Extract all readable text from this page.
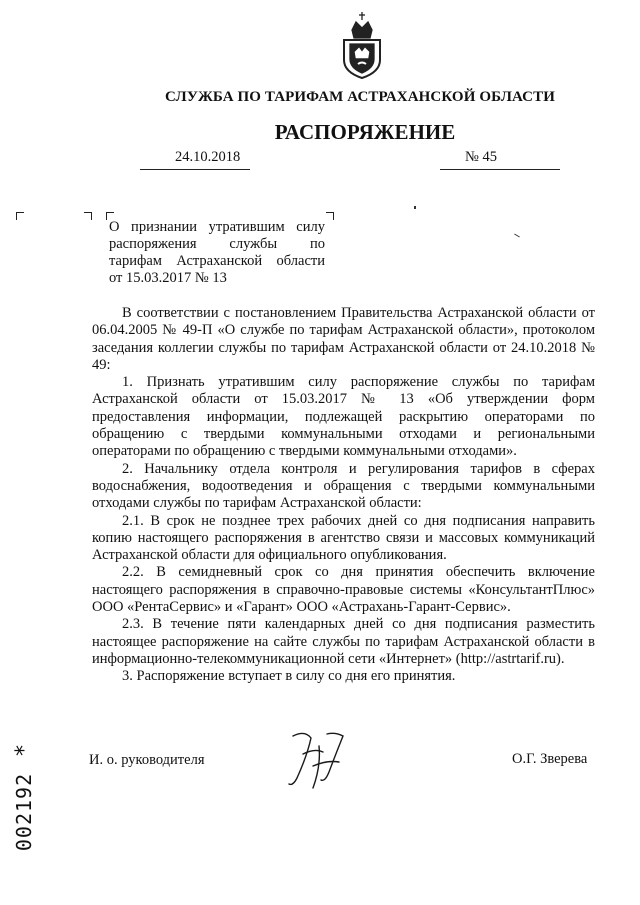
СЛУЖБА ПО ТАРИФАМ АСТРАХАНСКОЙ ОБЛАСТИ
РАСПОРЯЖЕНИЕ
24.10.2018	№ 45
О признании утратившим силу
распоряжения службы по
тарифам Астраханской области
от 15.03.2017 № 13

В соответствии с постановлением Правительства Астраханской области от 06.04.2005 № 49-П «О службе по тарифам Астраханской области», протоколом заседания коллегии службы по тарифам Астраханской области от 24.10.2018 № 49:

1. Признать утратившим силу распоряжение службы по тарифам Астраханской области от 15.03.2017 № 13 «Об утверждении форм предоставления информации, подлежащей раскрытию операторами по обращению с твердыми коммунальными отходами и региональными операторами по обращению с твердыми коммунальными отходами».

2. Начальнику отдела контроля и регулирования тарифов в сферах водоснабжения, водоотведения и обращения с твердыми коммунальными отходами службы по тарифам Астраханской области:

2.1. В срок не позднее трех рабочих дней со дня подписания направить копию настоящего распоряжения в агентство связи и массовых коммуникаций Астраханской области для официального опубликования.

2.2. В семидневный срок со дня принятия обеспечить включение настоящего распоряжения в справочно-правовые системы «КонсультантПлюс» ООО «РентаСервис» и «Гарант» ООО «Астрахань-Гарант-Сервис».

2.3. В течение пяти календарных дней со дня подписания разместить настоящее распоряжение на сайте службы по тарифам Астраханской области в информационно-телекоммуникационной сети «Интернет» (http://astrtarif.ru).

3. Распоряжение вступает в силу со дня его принятия.

И. о. руководителя	О.Г. Зверева
*
002192
